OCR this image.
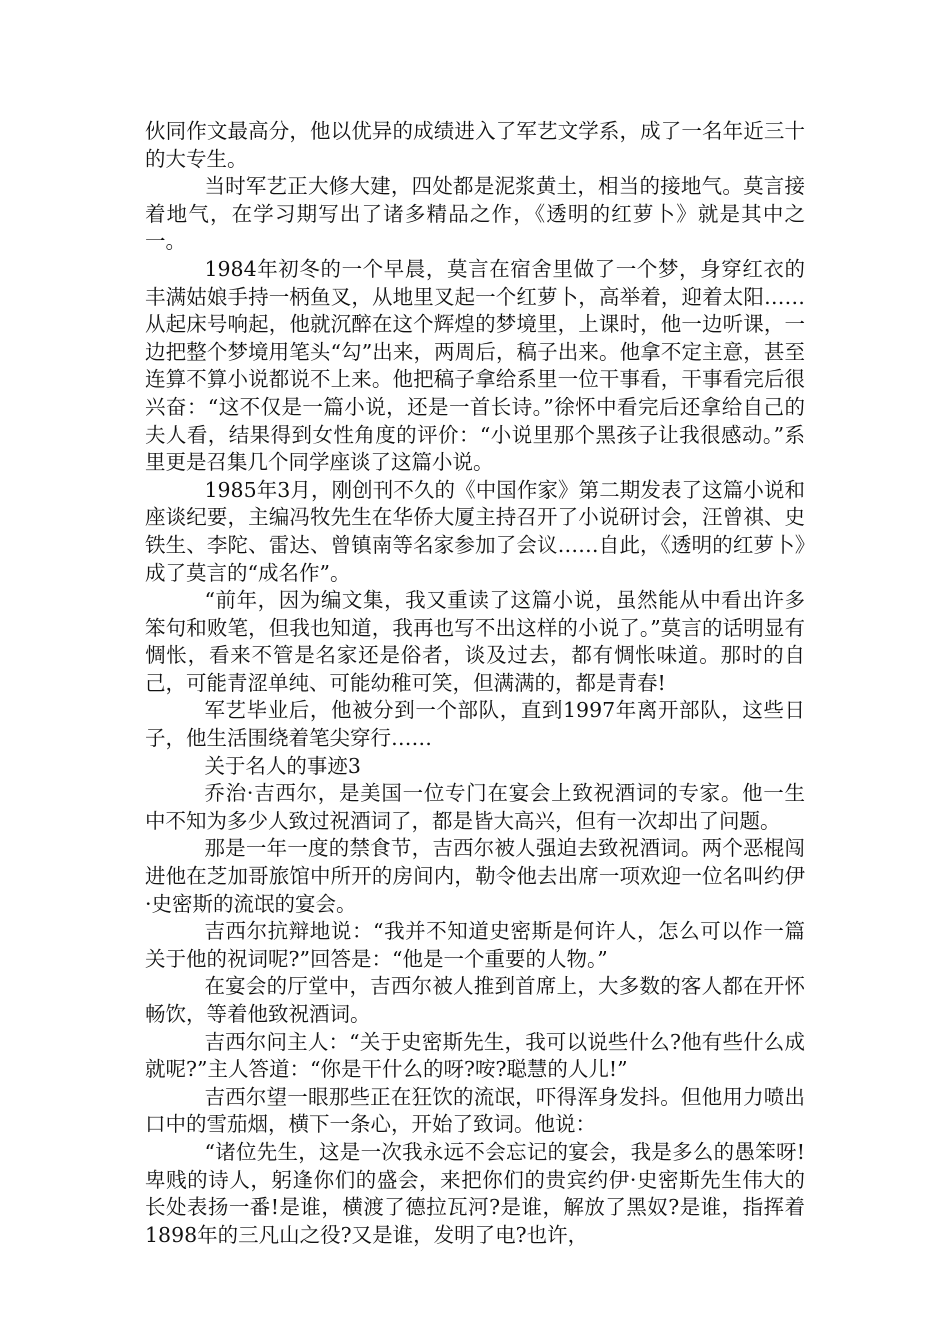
伙同作文最高分，他以优异的成绩进入了军艺文学系，成了一名年近三十的大专生。

当时军艺正大修大建，四处都是泥浆黄土，相当的接地气。莫言接着地气，在学习期写出了诸多精品之作，《透明的红萝卜》就是其中之一。

1984年初冬的一个早晨，莫言在宿舍里做了一个梦，身穿红衣的丰满姑娘手持一柄鱼叉，从地里叉起一个红萝卜，高举着，迎着太阳……从起床号响起，他就沉醉在这个辉煌的梦境里，上课时，他一边听课，一边把整个梦境用笔头“勾”出来，两周后，稿子出来。他拿不定主意，甚至连算不算小说都说不上来。他把稿子拿给系里一位干事看，干事看完后很兴奋：“这不仅是一篇小说，还是一首长诗。”徐怀中看完后还拿给自己的夫人看，结果得到女性角度的评价：“小说里那个黑孩子让我很感动。”系里更是召集几个同学座谈了这篇小说。

1985年3月，刚创刊不久的《中国作家》第二期发表了这篇小说和座谈纪要，主编冯牧先生在华侨大厦主持召开了小说研讨会，汪曾祺、史铁生、李陀、雷达、曾镇南等名家参加了会议……自此，《透明的红萝卜》成了莫言的“成名作”。

“前年，因为编文集，我又重读了这篇小说，虽然能从中看出许多笨句和败笔，但我也知道，我再也写不出这样的小说了。”莫言的话明显有惆怅，看来不管是名家还是俗者，谈及过去，都有惆怅味道。那时的自己，可能青涩单纯、可能幼稚可笑，但满满的，都是青春!

军艺毕业后，他被分到一个部队，直到1997年离开部队，这些日子，他生活围绕着笔尖穿行……

关于名人的事迹3

乔治·吉西尔，是美国一位专门在宴会上致祝酒词的专家。他一生中不知为多少人致过祝酒词了，都是皆大高兴，但有一次却出了问题。

那是一年一度的禁食节，吉西尔被人强迫去致祝酒词。两个恶棍闯进他在芝加哥旅馆中所开的房间内，勒令他去出席一项欢迎一位名叫约伊·史密斯的流氓的宴会。

吉西尔抗辩地说：“我并不知道史密斯是何许人，怎么可以作一篇关于他的祝词呢?”回答是：“他是一个重要的人物。”

在宴会的厅堂中，吉西尔被人推到首席上，大多数的客人都在开怀畅饮，等着他致祝酒词。

吉西尔问主人：“关于史密斯先生，我可以说些什么?他有些什么成就呢?”主人答道：“你是干什么的呀?咹?聪慧的人儿!”

吉西尔望一眼那些正在狂饮的流氓，吓得浑身发抖。但他用力喷出口中的雪茄烟，横下一条心，开始了致词。他说：

“诸位先生，这是一次我永远不会忘记的宴会，我是多么的愚笨呀!卑贱的诗人，躬逢你们的盛会，来把你们的贵宾约伊·史密斯先生伟大的长处表扬一番!是谁，横渡了德拉瓦河?是谁，解放了黑奴?是谁，指挥着1898年的三凡山之役?又是谁，发明了电?也许，
